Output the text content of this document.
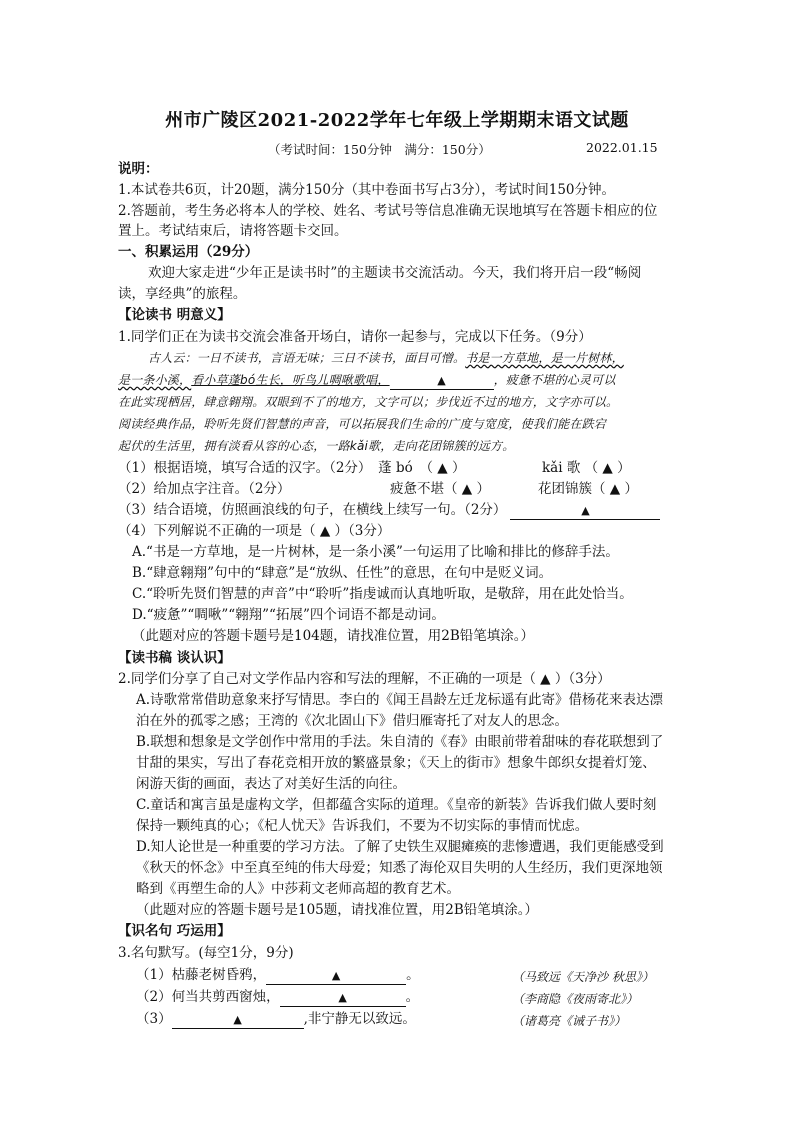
州市广陵区2021-2022学年七年级上学期期末语文试题
（考试时间：150分钟　满分：150分）	2022.01.15
说明：
1.本试卷共6页，计20题，满分150分（其中卷面书写占3分），考试时间150分钟。
2.答题前，考生务必将本人的学校、姓名、考试号等信息准确无误地填写在答题卡相应的位
置上。考试结束后，请将答题卡交回。
一、积累运用（29分）
欢迎大家走进“少年正是读书时”的主题读书交流活动。今天，我们将开启一段“畅阅
读，享经典”的旅程。
【论读书 明意义】
1.同学们正在为读书交流会准备开场白，请你一起参与，完成以下任务。（9分）
古人云：一日不读书，言语无味；三日不读书，面目可憎。书是一方草地，是一片树林，
是一条小溪，看小草蓬bó生长，听鸟儿啁啾歌唱，	▲	，疲惫不堪的心灵可以
在此实现栖居，肆意翱翔。双眼到不了的地方，文字可以；步伐近不过的地方，文字亦可以。
阅读经典作品，聆听先贤们智慧的声音，可以拓展我们生命的广度与宽度，使我们能在跌宕
起伏的生活里，拥有淡看从容的心态，一路kǎi歌，走向花团锦簇的远方。
（1）根据语境，填写合适的汉字。（2分）　蓬 bó　（ ▲ ）	kǎi 歌 （ ▲ ）
（2）给加点字注音。（2分）	疲惫不堪（ ▲ ）	花团锦簇（ ▲ ）
（3）结合语境，仿照画浪线的句子，在横线上续写一句。（2分）	▲
（4）下列解说不正确的一项是（ ▲ ）（3分）
A.“书是一方草地，是一片树林，是一条小溪”一句运用了比喻和排比的修辞手法。
B.“肆意翱翔”句中的“肆意”是“放纵、任性”的意思，在句中是贬义词。
C.“聆听先贤们智慧的声音”中“聆听”指虔诚而认真地听取，是敬辞，用在此处恰当。
D.“疲惫”“啁啾”“翱翔”“拓展”四个词语不都是动词。
（此题对应的答题卡题号是104题，请找准位置，用2B铅笔填涂。）
【读书稿 谈认识】
2.同学们分享了自己对文学作品内容和写法的理解，不正确的一项是（ ▲ ）（3分）
A.诗歌常常借助意象来抒写情思。李白的《闻王昌龄左迁龙标遥有此寄》借杨花来表达漂
泊在外的孤零之感；王湾的《次北固山下》借归雁寄托了对友人的思念。
B.联想和想象是文学创作中常用的手法。朱自清的《春》由眼前带着甜味的春花联想到了
甘甜的果实，写出了春花竞相开放的繁盛景象；《天上的街市》想象牛郎织女提着灯笼、
闲游天街的画面，表达了对美好生活的向往。
C.童话和寓言虽是虚构文学，但都蕴含实际的道理。《皇帝的新装》告诉我们做人要时刻
保持一颗纯真的心；《杞人忧天》告诉我们，不要为不切实际的事情而忧虑。
D.知人论世是一种重要的学习方法。了解了史铁生双腿瘫痪的悲惨遭遇，我们更能感受到
《秋天的怀念》中至真至纯的伟大母爱；知悉了海伦双目失明的人生经历，我们更深地领
略到《再塑生命的人》中莎莉文老师高超的教育艺术。
（此题对应的答题卡题号是105题，请找准位置，用2B铅笔填涂。）
【识名句 巧运用】
3.名句默写。(每空1分，9分)
（1）枯藤老树昏鸦，	▲	。	（马致远《天净沙 秋思》）
（2）何当共剪西窗烛，	▲	。	（李商隐《夜雨寄北》）
（3）	▲	,非宁静无以致远。	（诸葛亮《诫子书》）
